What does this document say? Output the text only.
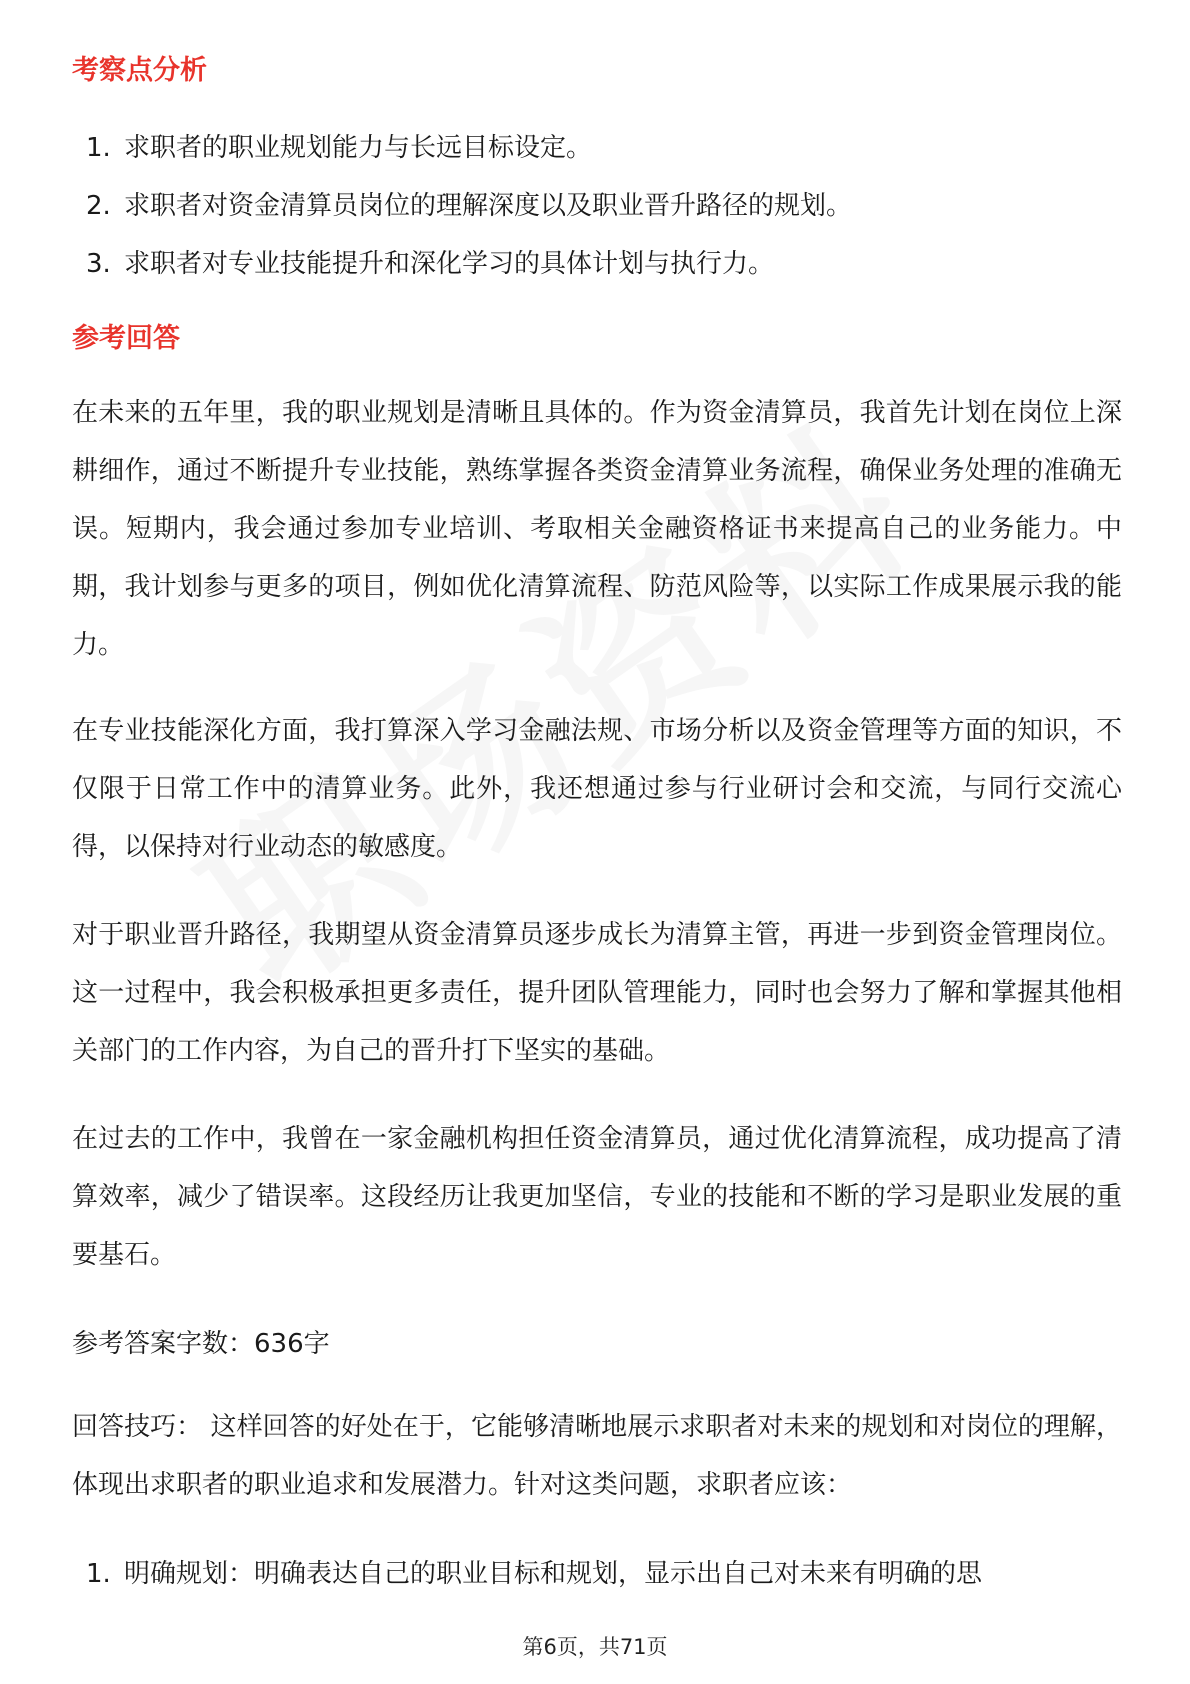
考察点分析
1. 求职者的职业规划能力与长远目标设定。
2. 求职者对资金清算员岗位的理解深度以及职业晋升路径的规划。
3. 求职者对专业技能提升和深化学习的具体计划与执行力。
参考回答

在未来的五年里，我的职业规划是清晰且具体的。作为资金清算员，我首先计划在岗位上深耕细作，通过不断提升专业技能，熟练掌握各类资金清算业务流程，确保业务处理的准确无误。短期内，我会通过参加专业培训、考取相关金融资格证书来提高自己的业务能力。中期，我计划参与更多的项目，例如优化清算流程、防范风险等，以实际工作成果展示我的能力。

在专业技能深化方面，我打算深入学习金融法规、市场分析以及资金管理等方面的知识，不仅限于日常工作中的清算业务。此外，我还想通过参与行业研讨会和交流，与同行交流心得，以保持对行业动态的敏感度。

对于职业晋升路径，我期望从资金清算员逐步成长为清算主管，再进一步到资金管理岗位。这一过程中，我会积极承担更多责任，提升团队管理能力，同时也会努力了解和掌握其他相关部门的工作内容，为自己的晋升打下坚实的基础。

在过去的工作中，我曾在一家金融机构担任资金清算员，通过优化清算流程，成功提高了清算效率，减少了错误率。这段经历让我更加坚信，专业的技能和不断的学习是职业发展的重要基石。

参考答案字数：636字

回答技巧： 这样回答的好处在于，它能够清晰地展示求职者对未来的规划和对岗位的理解，体现出求职者的职业追求和发展潜力。针对这类问题，求职者应该：

1. 明确规划：明确表达自己的职业目标和规划，显示出自己对未来有明确的思
第6页，共71页
